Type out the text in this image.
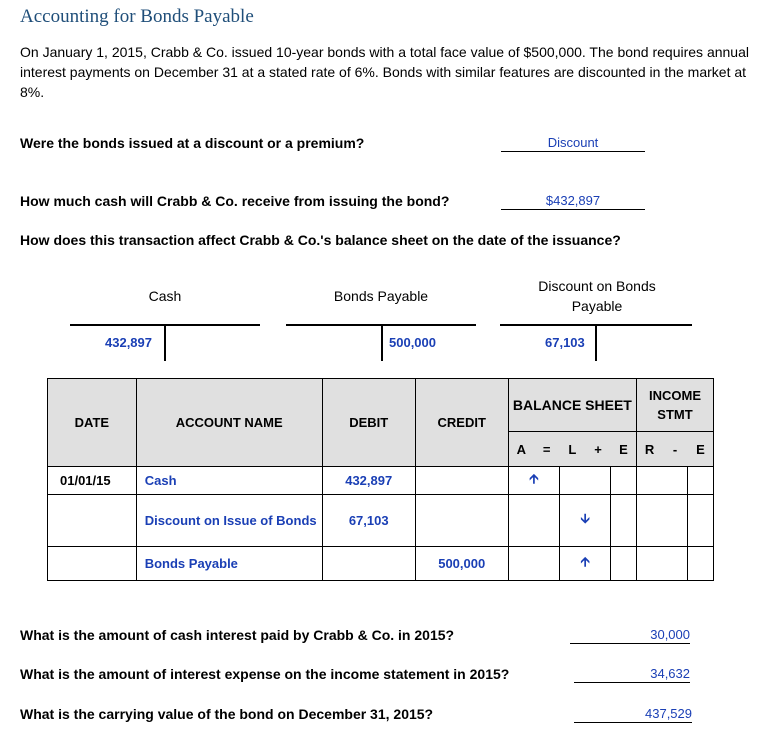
Accounting for Bonds Payable
On January 1, 2015, Crabb & Co. issued 10-year bonds with a total face value of $500,000. The bond requires annual interest payments on December 31 at a stated rate of 6%. Bonds with similar features are discounted in the market at 8%.
Were the bonds issued at a discount or a premium?	Discount
How much cash will Crabb & Co. receive from issuing the bond?	$432,897
How does this transaction affect Crabb & Co.'s balance sheet on the date of the issuance?
Cash
432,897
Bonds Payable
500,000
Discount on Bonds Payable
67,103
DATE	ACCOUNT NAME	DEBIT	CREDIT	BALANCE SHEET					INCOME STMT		
				A	=	L	+	E	R	-	E
01/01/15	Cash	432,897		🡩							
	Discount on Issue of Bonds	67,103				🡫					
	Bonds Payable		500,000			🡩					
What is the amount of cash interest paid by Crabb & Co. in 2015?	30,000
What is the amount of interest expense on the income statement in 2015?	34,632
What is the carrying value of the bond on December 31, 2015?	437,529
